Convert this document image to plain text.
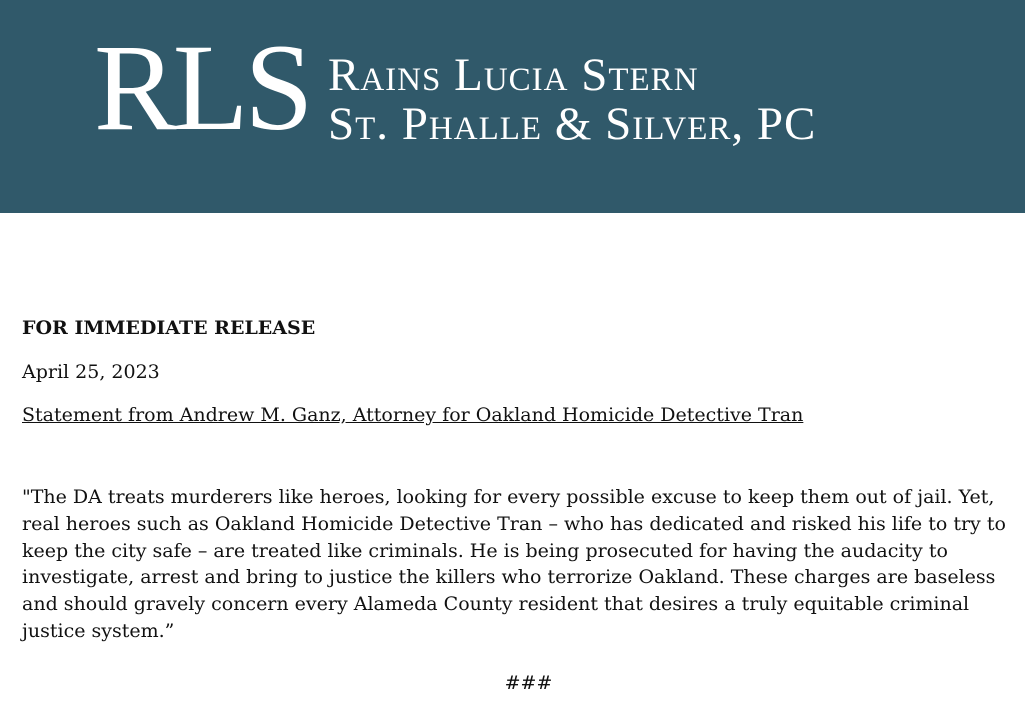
RLS Rains Lucia Stern
St. Phalle & Silver, PC
FOR IMMEDIATE RELEASE
April 25, 2023
Statement from Andrew M. Ganz, Attorney for Oakland Homicide Detective Tran

"The DA treats murderers like heroes, looking for every possible excuse to keep them out of jail. Yet, real heroes such as Oakland Homicide Detective Tran – who has dedicated and risked his life to try to keep the city safe – are treated like criminals. He is being prosecuted for having the audacity to investigate, arrest and bring to justice the killers who terrorize Oakland. These charges are baseless and should gravely concern every Alameda County resident that desires a truly equitable criminal justice system.”

###
